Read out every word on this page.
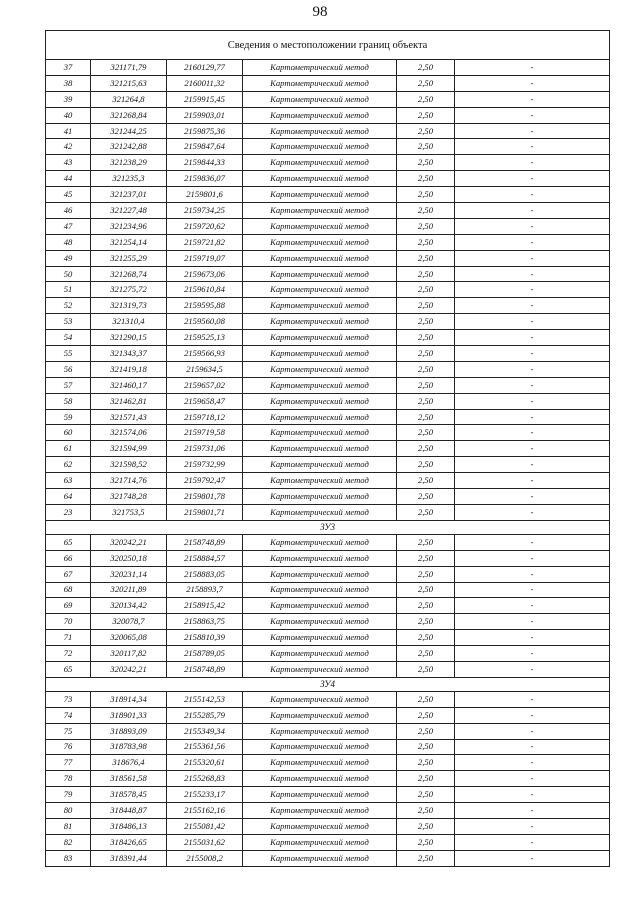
98
Сведения о местоположении границ объекта					
37	321171,79	2160129,77	Картометрический метод	2,50	-
38	321215,63	2160011,32	Картометрический метод	2,50	-
39	321264,8	2159915,45	Картометрический метод	2,50	-
40	321268,84	2159903,01	Картометрический метод	2,50	-
41	321244,25	2159875,36	Картометрический метод	2,50	-
42	321242,88	2159847,64	Картометрический метод	2,50	-
43	321238,29	2159844,33	Картометрический метод	2,50	-
44	321235,3	2159836,07	Картометрический метод	2,50	-
45	321237,01	2159801,6	Картометрический метод	2,50	-
46	321227,48	2159734,25	Картометрический метод	2,50	-
47	321234,96	2159720,62	Картометрический метод	2,50	-
48	321254,14	2159721,82	Картометрический метод	2,50	-
49	321255,29	2159719,07	Картометрический метод	2,50	-
50	321268,74	2159673,06	Картометрический метод	2,50	-
51	321275,72	2159610,84	Картометрический метод	2,50	-
52	321319,73	2159595,88	Картометрический метод	2,50	-
53	321310,4	2159560,08	Картометрический метод	2,50	-
54	321290,15	2159525,13	Картометрический метод	2,50	-
55	321343,37	2159566,93	Картометрический метод	2,50	-
56	321419,18	2159634,5	Картометрический метод	2,50	-
57	321460,17	2159657,02	Картометрический метод	2,50	-
58	321462,81	2159658,47	Картометрический метод	2,50	-
59	321571,43	2159718,12	Картометрический метод	2,50	-
60	321574,06	2159719,58	Картометрический метод	2,50	-
61	321594,99	2159731,06	Картометрический метод	2,50	-
62	321598,52	2159732,99	Картометрический метод	2,50	-
63	321714,76	2159792,47	Картометрический метод	2,50	-
64	321748,28	2159801,78	Картометрический метод	2,50	-
23	321753,5	2159801,71	Картометрический метод	2,50	-
ЗУ3					
65	320242,21	2158748,89	Картометрический метод	2,50	-
66	320250,18	2158884,57	Картометрический метод	2,50	-
67	320231,14	2158883,05	Картометрический метод	2,50	-
68	320211,89	2158893,7	Картометрический метод	2,50	-
69	320134,42	2158915,42	Картометрический метод	2,50	-
70	320078,7	2158863,75	Картометрический метод	2,50	-
71	320065,08	2158810,39	Картометрический метод	2,50	-
72	320117,82	2158789,05	Картометрический метод	2,50	-
65	320242,21	2158748,89	Картометрический метод	2,50	-
ЗУ4					
73	318914,34	2155142,53	Картометрический метод	2,50	-
74	318901,33	2155285,79	Картометрический метод	2,50	-
75	318893,09	2155349,34	Картометрический метод	2,50	-
76	318783,98	2155361,56	Картометрический метод	2,50	-
77	318676,4	2155320,61	Картометрический метод	2,50	-
78	318561,58	2155268,83	Картометрический метод	2,50	-
79	318578,45	2155233,17	Картометрический метод	2,50	-
80	318448,87	2155162,16	Картометрический метод	2,50	-
81	318486,13	2155081,42	Картометрический метод	2,50	-
82	318426,65	2155031,62	Картометрический метод	2,50	-
83	318391,44	2155008,2	Картометрический метод	2,50	-
